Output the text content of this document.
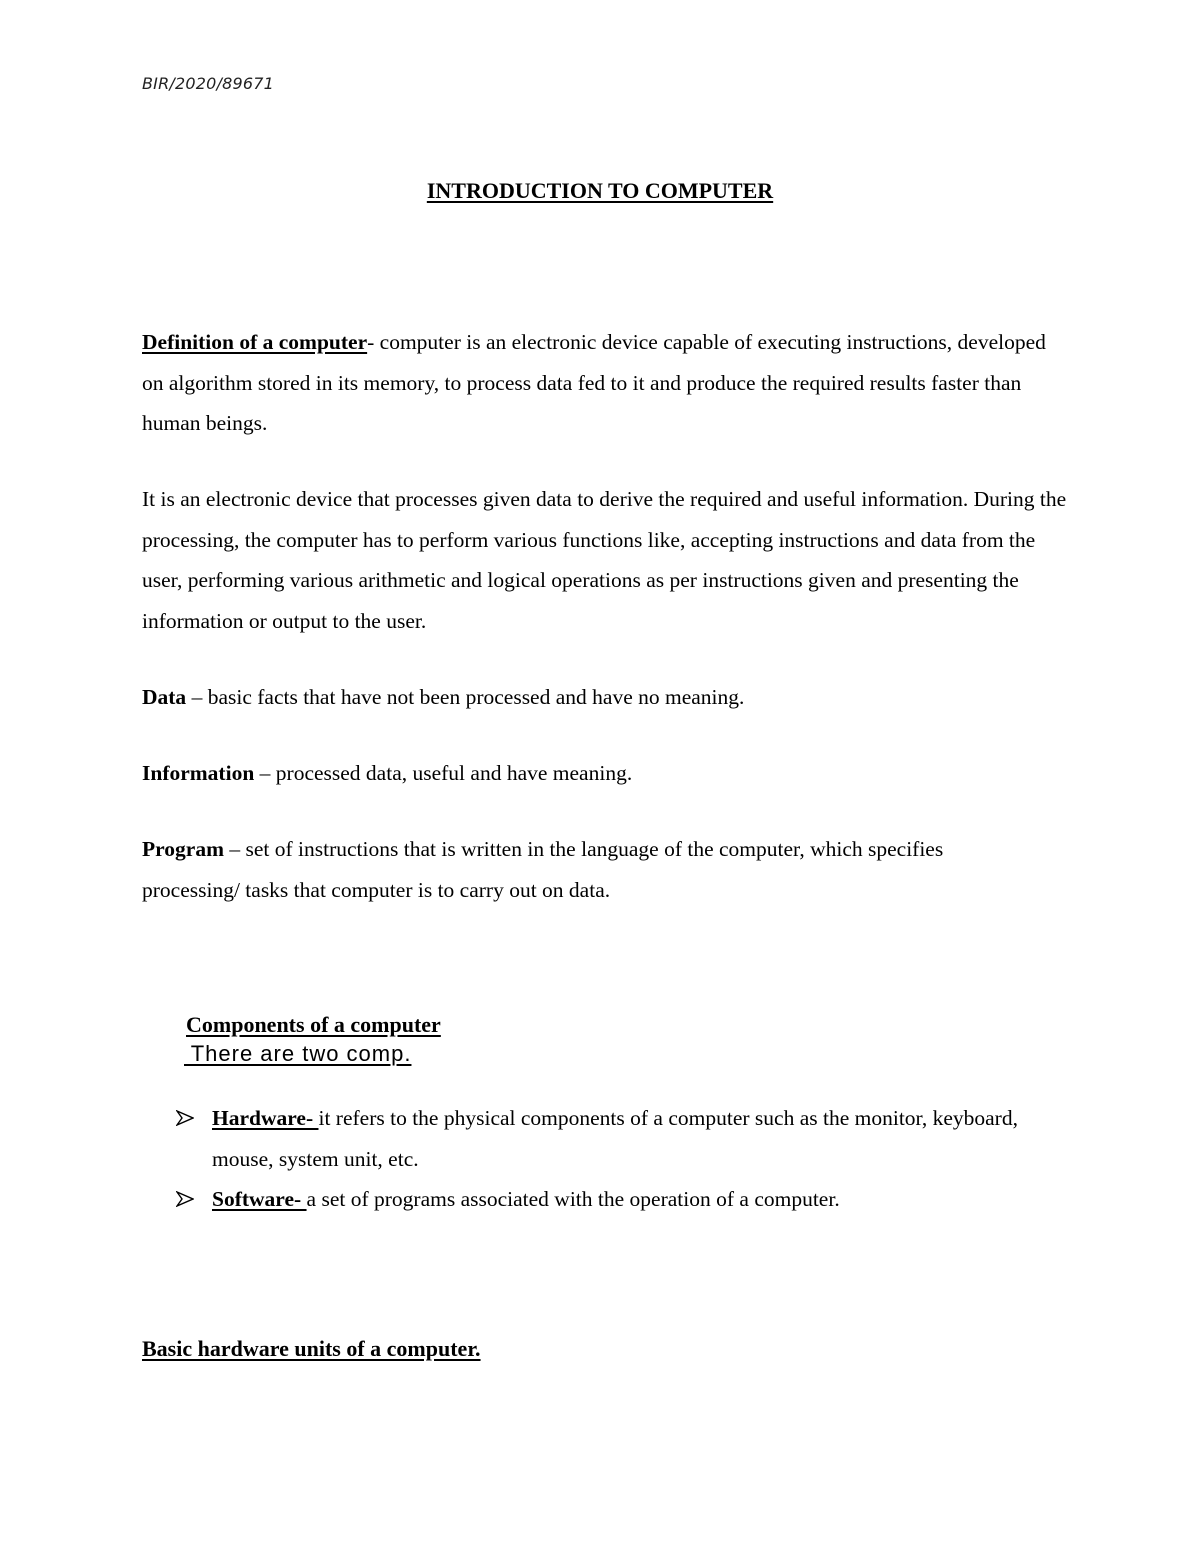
BIR/2020/89671
INTRODUCTION TO COMPUTER

Definition of a computer- computer is an electronic device capable of executing instructions, developed on algorithm stored in its memory, to process data fed to it and produce the required results faster than human beings.

It is an electronic device that processes given data to derive the required and useful information. During the processing, the computer has to perform various functions like, accepting instructions and data from the user, performing various arithmetic and logical operations as per instructions given and presenting the information or output to the user.

Data – basic facts that have not been processed and have no meaning.

Information – processed data, useful and have meaning.

Program – set of instructions that is written in the language of the computer, which specifies processing/ tasks that computer is to carry out on data.

Components of a computer
There are two comp.
Hardware- it refers to the physical components of a computer such as the monitor, keyboard, mouse, system unit, etc.
Software- a set of programs associated with the operation of a computer.
Basic hardware units of a computer.
